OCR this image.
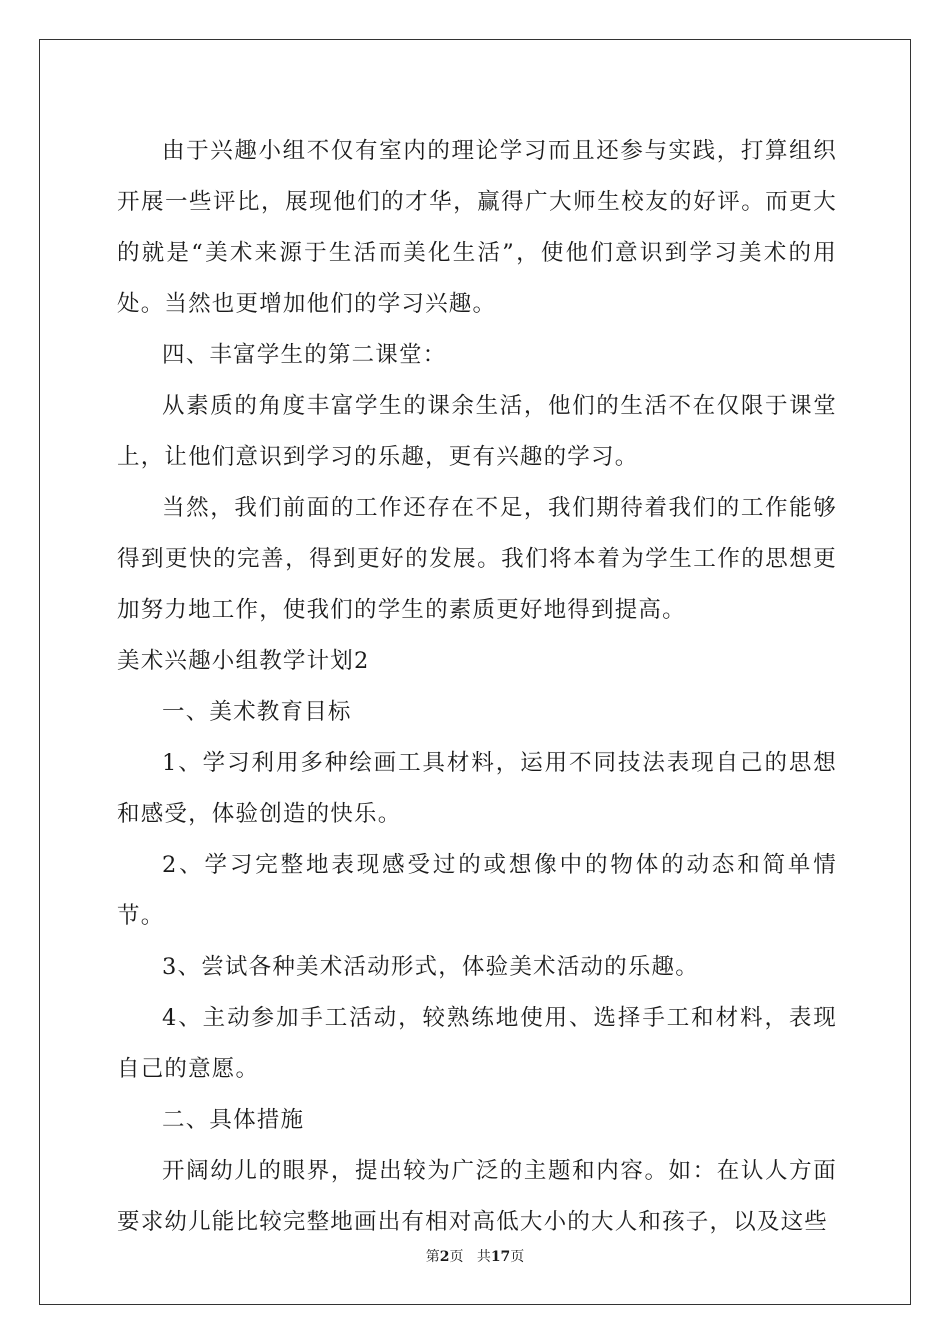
由于兴趣小组不仅有室内的理论学习而且还参与实践，打算组织开展一些评比，展现他们的才华，赢得广大师生校友的好评。而更大的就是“美术来源于生活而美化生活”，使他们意识到学习美术的用处。当然也更增加他们的学习兴趣。

四、丰富学生的第二课堂：

从素质的角度丰富学生的课余生活，他们的生活不在仅限于课堂上，让他们意识到学习的乐趣，更有兴趣的学习。

当然，我们前面的工作还存在不足，我们期待着我们的工作能够得到更快的完善，得到更好的发展。我们将本着为学生工作的思想更加努力地工作，使我们的学生的素质更好地得到提高。

美术兴趣小组教学计划2

一、美术教育目标

1、学习利用多种绘画工具材料，运用不同技法表现自己的思想和感受，体验创造的快乐。

2、学习完整地表现感受过的或想像中的物体的动态和简单情节。

3、尝试各种美术活动形式，体验美术活动的乐趣。

4、主动参加手工活动，较熟练地使用、选择手工和材料，表现自己的意愿。

二、具体措施

开阔幼儿的眼界，提出较为广泛的主题和内容。如：在认人方面要求幼儿能比较完整地画出有相对高低大小的大人和孩子，以及这些

第2页 共17页
